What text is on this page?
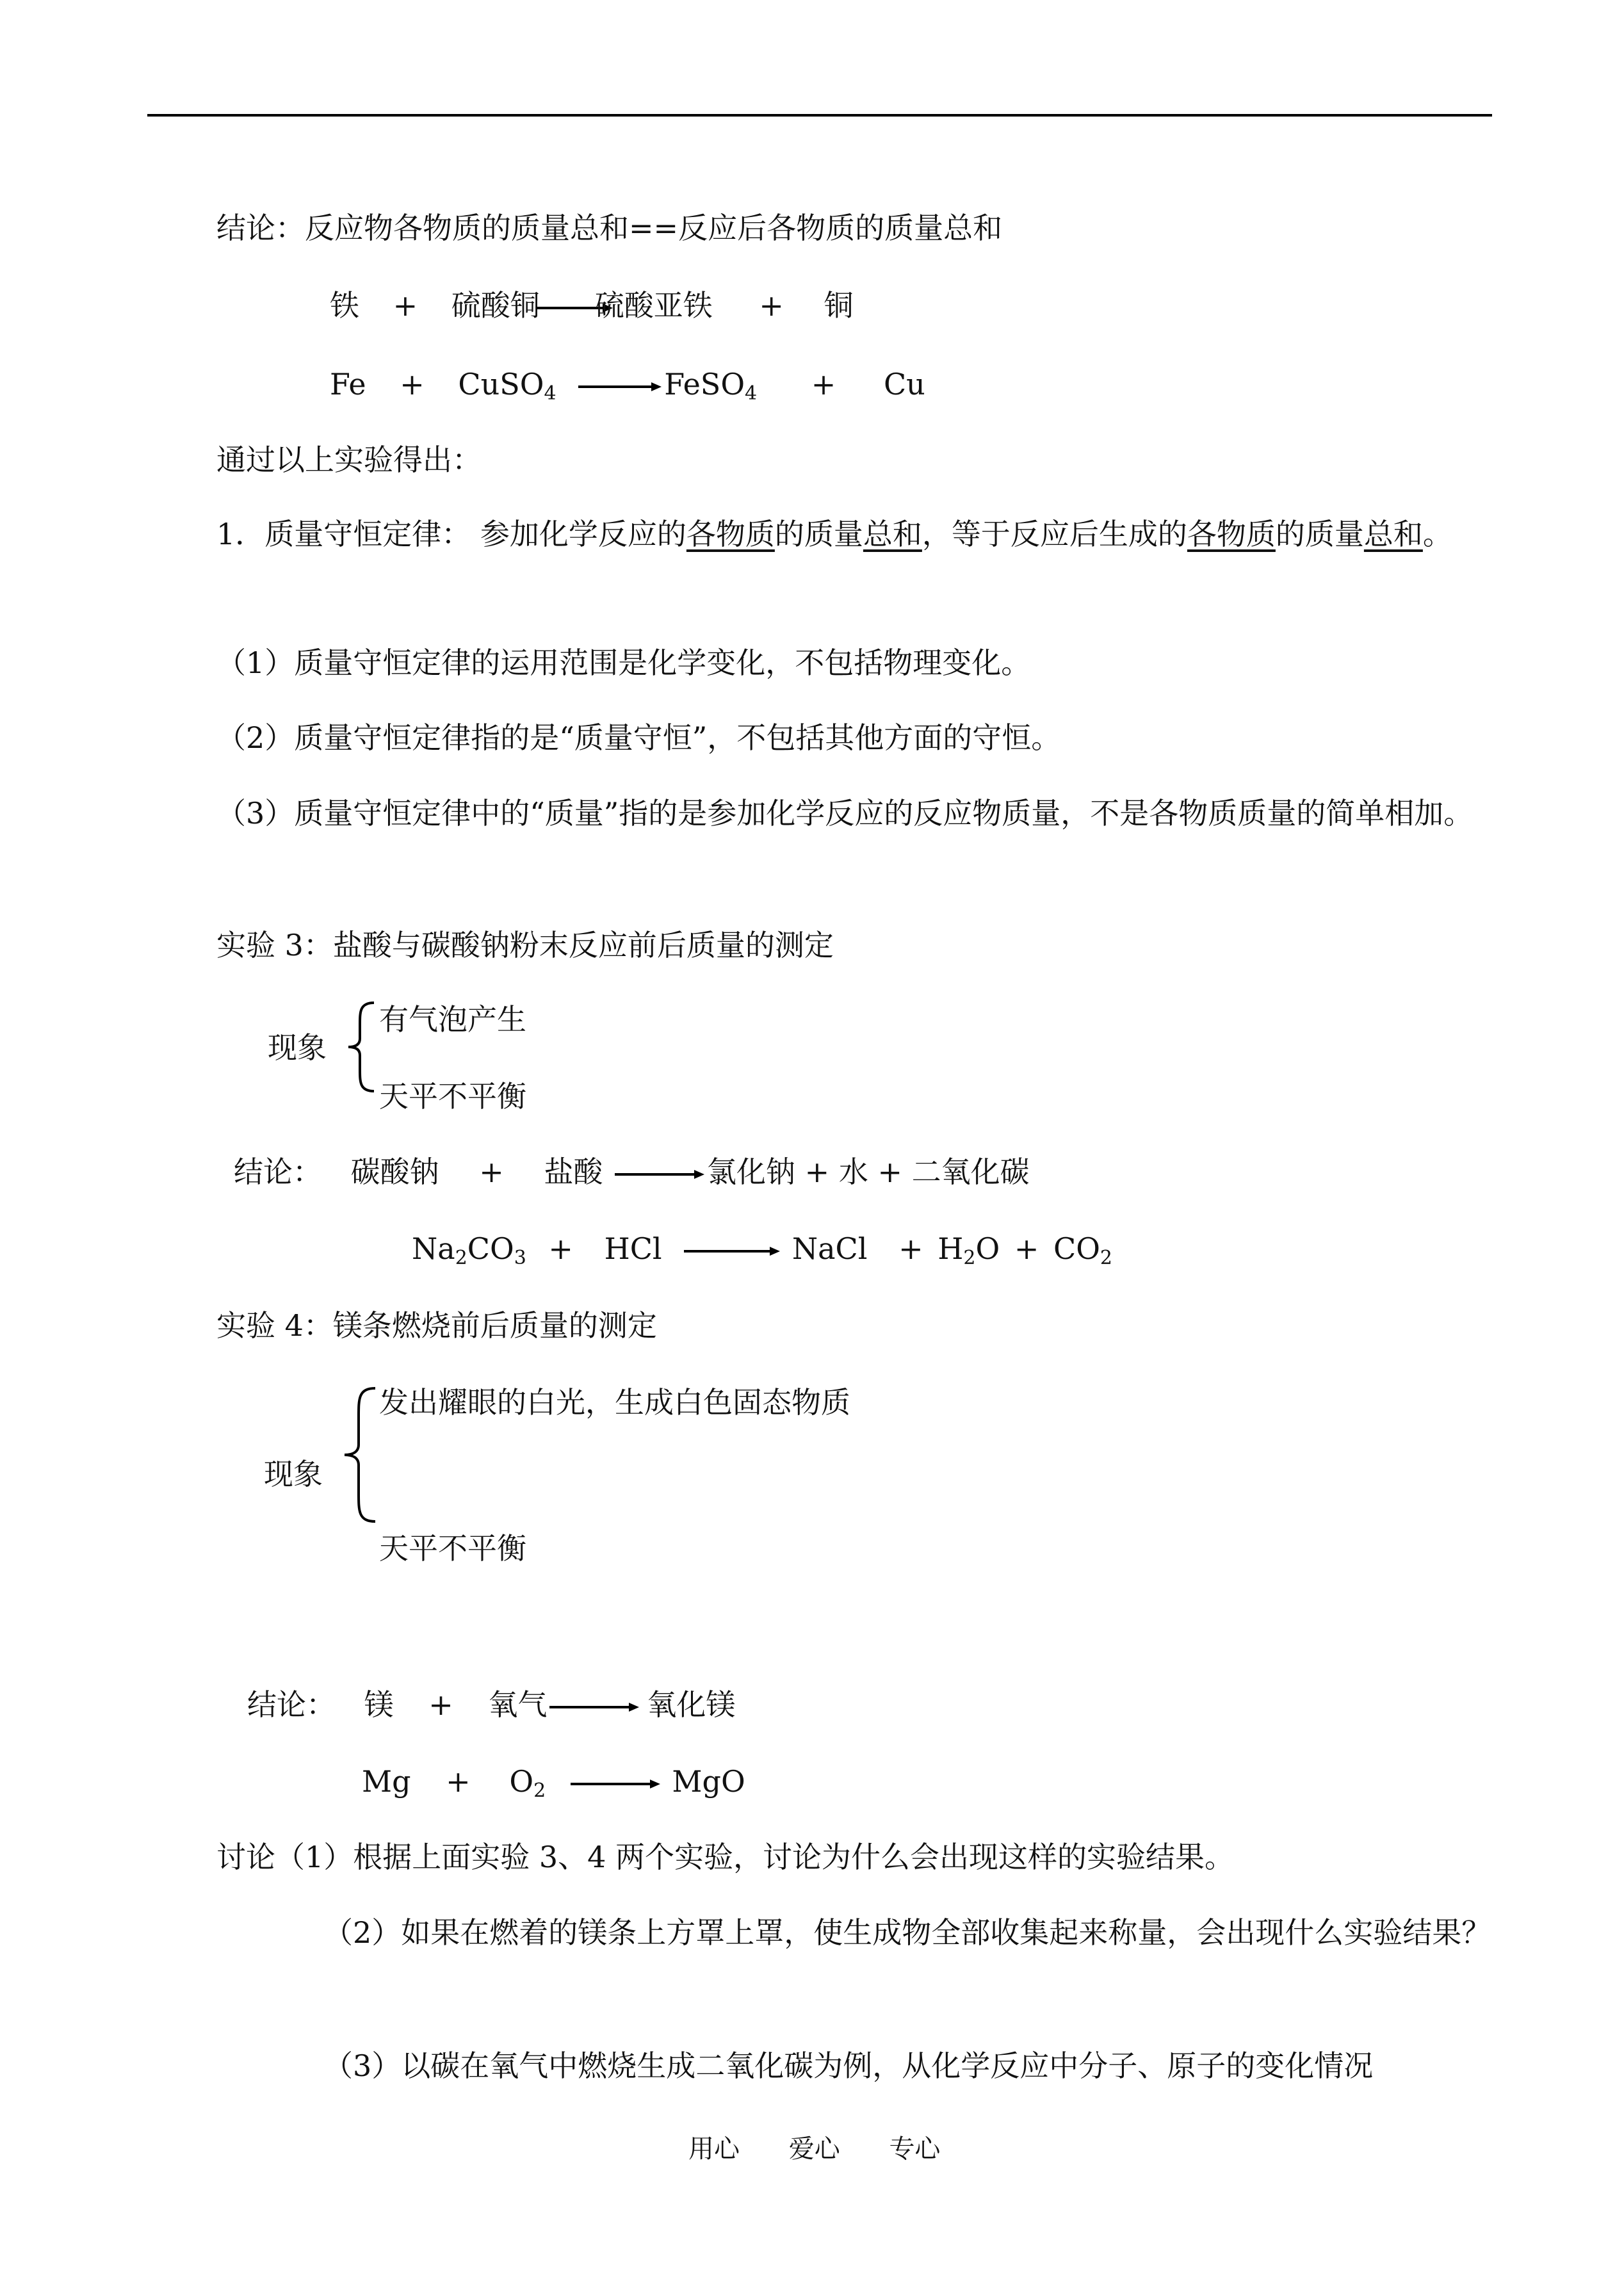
结论：反应物各物质的质量总和==反应后各物质的质量总和
铁 + 硫酸铜 硫酸亚铁 + 铜
Fe + CuSO$_4$	FeSO$_4$ + Cu
通过以上实验得出：
1．质量守恒定律： 参加化学反应的各物质的质量总和，等于反应后生成的各物质的质量总和。
（1）质量守恒定律的运用范围是化学变化，不包括物理变化。
（2）质量守恒定律指的是“质量守恒”，不包括其他方面的守恒。
（3）质量守恒定律中的“质量”指的是参加化学反应的反应物质量，不是各物质质量的简单相加。
实验 3：盐酸与碳酸钠粉末反应前后质量的测定
现象
有气泡产生
天平不平衡
结论： 碳酸钠 + 盐酸	氯化钠 + 水 + 二氧化碳
$Na_2CO_3$ + HCl	NaCl + $H_2O + CO_2$
实验 4：镁条燃烧前后质量的测定
发出耀眼的白光，生成白色固态物质
现象
天平不平衡
结论： 镁 + 氧气	氧化镁
$Mg + O_2$	MgO
讨论（1）根据上面实验 3、4 两个实验，讨论为什么会出现这样的实验结果。
（2）如果在燃着的镁条上方罩上罩，使生成物全部收集起来称量，会出现什么实验结果？
（3）以碳在氧气中燃烧生成二氧化碳为例，从化学反应中分子、原子的变化情况
用心 爱心 专心
